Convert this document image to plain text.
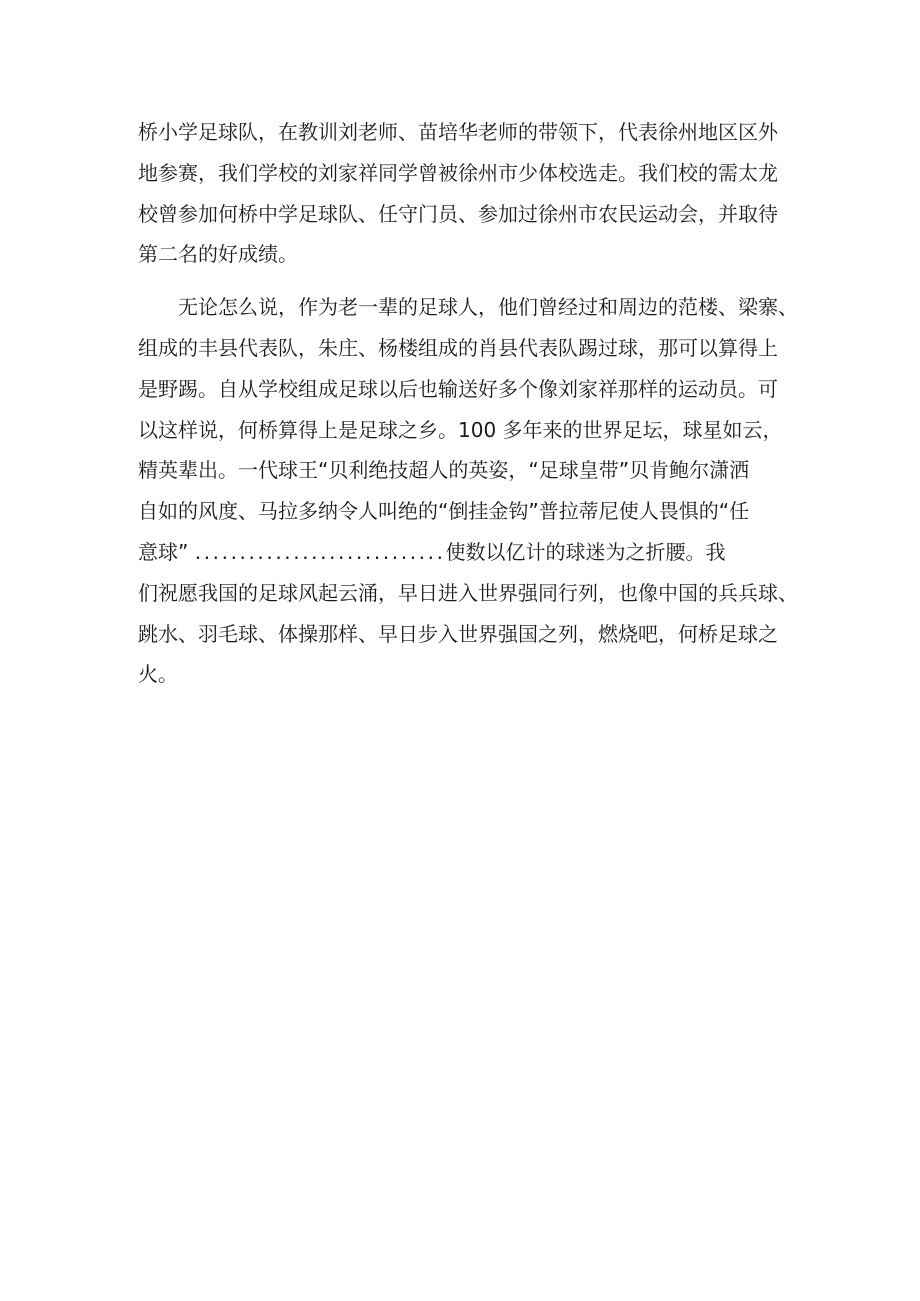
桥小学足球队，在教训刘老师、苗培华老师的带领下，代表徐州地区区外
地参赛，我们学校的刘家祥同学曾被徐州市少体校选走。我们校的需太龙
校曾参加何桥中学足球队、任守门员、参加过徐州市农民运动会，并取待
第二名的好成绩。
　　无论怎么说，作为老一辈的足球人，他们曾经过和周边的范楼、梁寨、
组成的丰县代表队，朱庄、杨楼组成的肖县代表队踢过球，那可以算得上
是野踢。自从学校组成足球以后也输送好多个像刘家祥那样的运动员。可
以这样说，何桥算得上是足球之乡。100 多年来的世界足坛，球星如云，
精英辈出。一代球王“贝利绝技超人的英姿，“足球皇带”贝肯鲍尔潇洒
自如的风度、马拉多纳令人叫绝的“倒挂金钩”普拉蒂尼使人畏惧的“任
意球” ............................使数以亿计的球迷为之折腰。我
们祝愿我国的足球风起云涌，早日进入世界强同行列，也像中国的兵兵球、
跳水、羽毛球、体操那样、早日步入世界强国之列，燃烧吧，何桥足球之
火。
